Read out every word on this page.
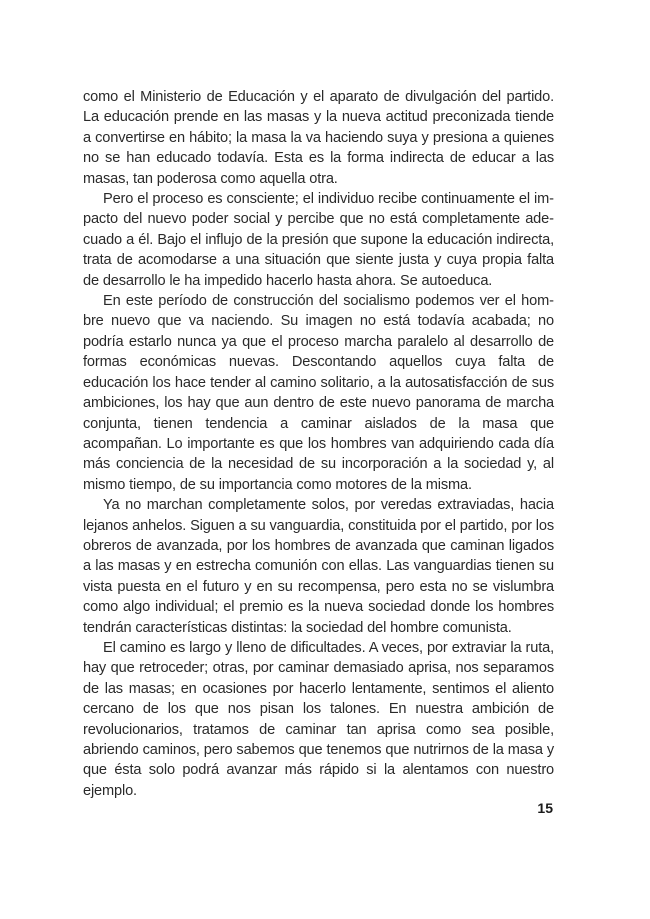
como el Ministerio de Educación y el aparato de divulgación del partido. La educación prende en las masas y la nueva actitud preconizada tiende a convertirse en hábito; la masa la va haciendo suya y presiona a quienes no se han educado todavía. Esta es la forma indirecta de educar a las masas, tan poderosa como aquella otra.

Pero el proceso es consciente; el individuo recibe continuamente el impacto del nuevo poder social y percibe que no está completamente adecuado a él. Bajo el influjo de la presión que supone la educación indirecta, trata de acomodarse a una situación que siente justa y cuya propia falta de desarrollo le ha impedido hacerlo hasta ahora. Se autoeduca.

En este período de construcción del socialismo podemos ver el hombre nuevo que va naciendo. Su imagen no está todavía acabada; no podría estarlo nunca ya que el proceso marcha paralelo al desarrollo de formas económicas nuevas. Descontando aquellos cuya falta de educación los hace tender al camino solitario, a la autosatisfacción de sus ambiciones, los hay que aun dentro de este nuevo panorama de marcha conjunta, tienen tendencia a caminar aislados de la masa que acompañan. Lo importante es que los hombres van adquiriendo cada día más conciencia de la necesidad de su incorporación a la sociedad y, al mismo tiempo, de su importancia como motores de la misma.

Ya no marchan completamente solos, por veredas extraviadas, hacia lejanos anhelos. Siguen a su vanguardia, constituida por el partido, por los obreros de avanzada, por los hombres de avanzada que caminan ligados a las masas y en estrecha comunión con ellas. Las vanguardias tienen su vista puesta en el futuro y en su recompensa, pero esta no se vislumbra como algo individual; el premio es la nueva sociedad donde los hombres tendrán características distintas: la sociedad del hombre comunista.

El camino es largo y lleno de dificultades. A veces, por extraviar la ruta, hay que retroceder; otras, por caminar demasiado aprisa, nos separamos de las masas; en ocasiones por hacerlo lentamente, sentimos el aliento cercano de los que nos pisan los talones. En nuestra ambición de revolucionarios, tratamos de caminar tan aprisa como sea posible, abriendo caminos, pero sabemos que tenemos que nutrirnos de la masa y que ésta solo podrá avanzar más rápido si la alentamos con nuestro ejemplo.

15
